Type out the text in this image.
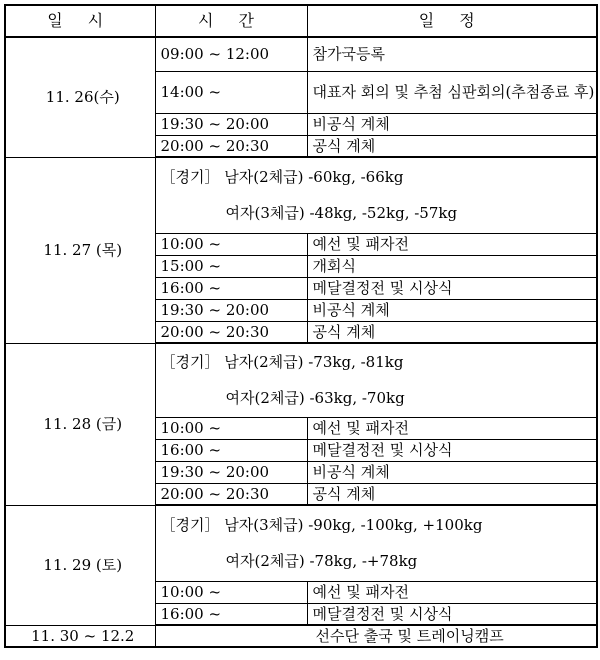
일 시	시 간	일 정
11. 26(수)	09:00 ~ 12:00	참가국등록
	14:00 ~	대표자 회의 및 추첨 심판회의(추첨종료 후)
	19:30 ~ 20:00	비공식 계체
	20:00 ~ 20:30	공식 계체
11. 27 (목)	［경기］ 남자(2체급) -60kg, -66kg
여자(3체급) -48kg, -52kg, -57kg	

	10:00 ~	예선 및 패자전
	15:00 ~	개회식
	16:00 ~	메달결정전 및 시상식
	19:30 ~ 20:00	비공식 계체
	20:00 ~ 20:30	공식 계체
11. 28 (금)	［경기］ 남자(2체급) -73kg, -81kg
여자(2체급) -63kg, -70kg	

	10:00 ~	예선 및 패자전
	16:00 ~	메달결정전 및 시상식
	19:30 ~ 20:00	비공식 계체
	20:00 ~ 20:30	공식 계체
11. 29 (토)	［경기］ 남자(3체급) -90kg, -100kg, +100kg
여자(2체급) -78kg, -+78kg	

	10:00 ~	예선 및 패자전
	16:00 ~	메달결정전 및 시상식
11. 30 ~ 12.2	선수단 출국 및 트레이닝캠프	
